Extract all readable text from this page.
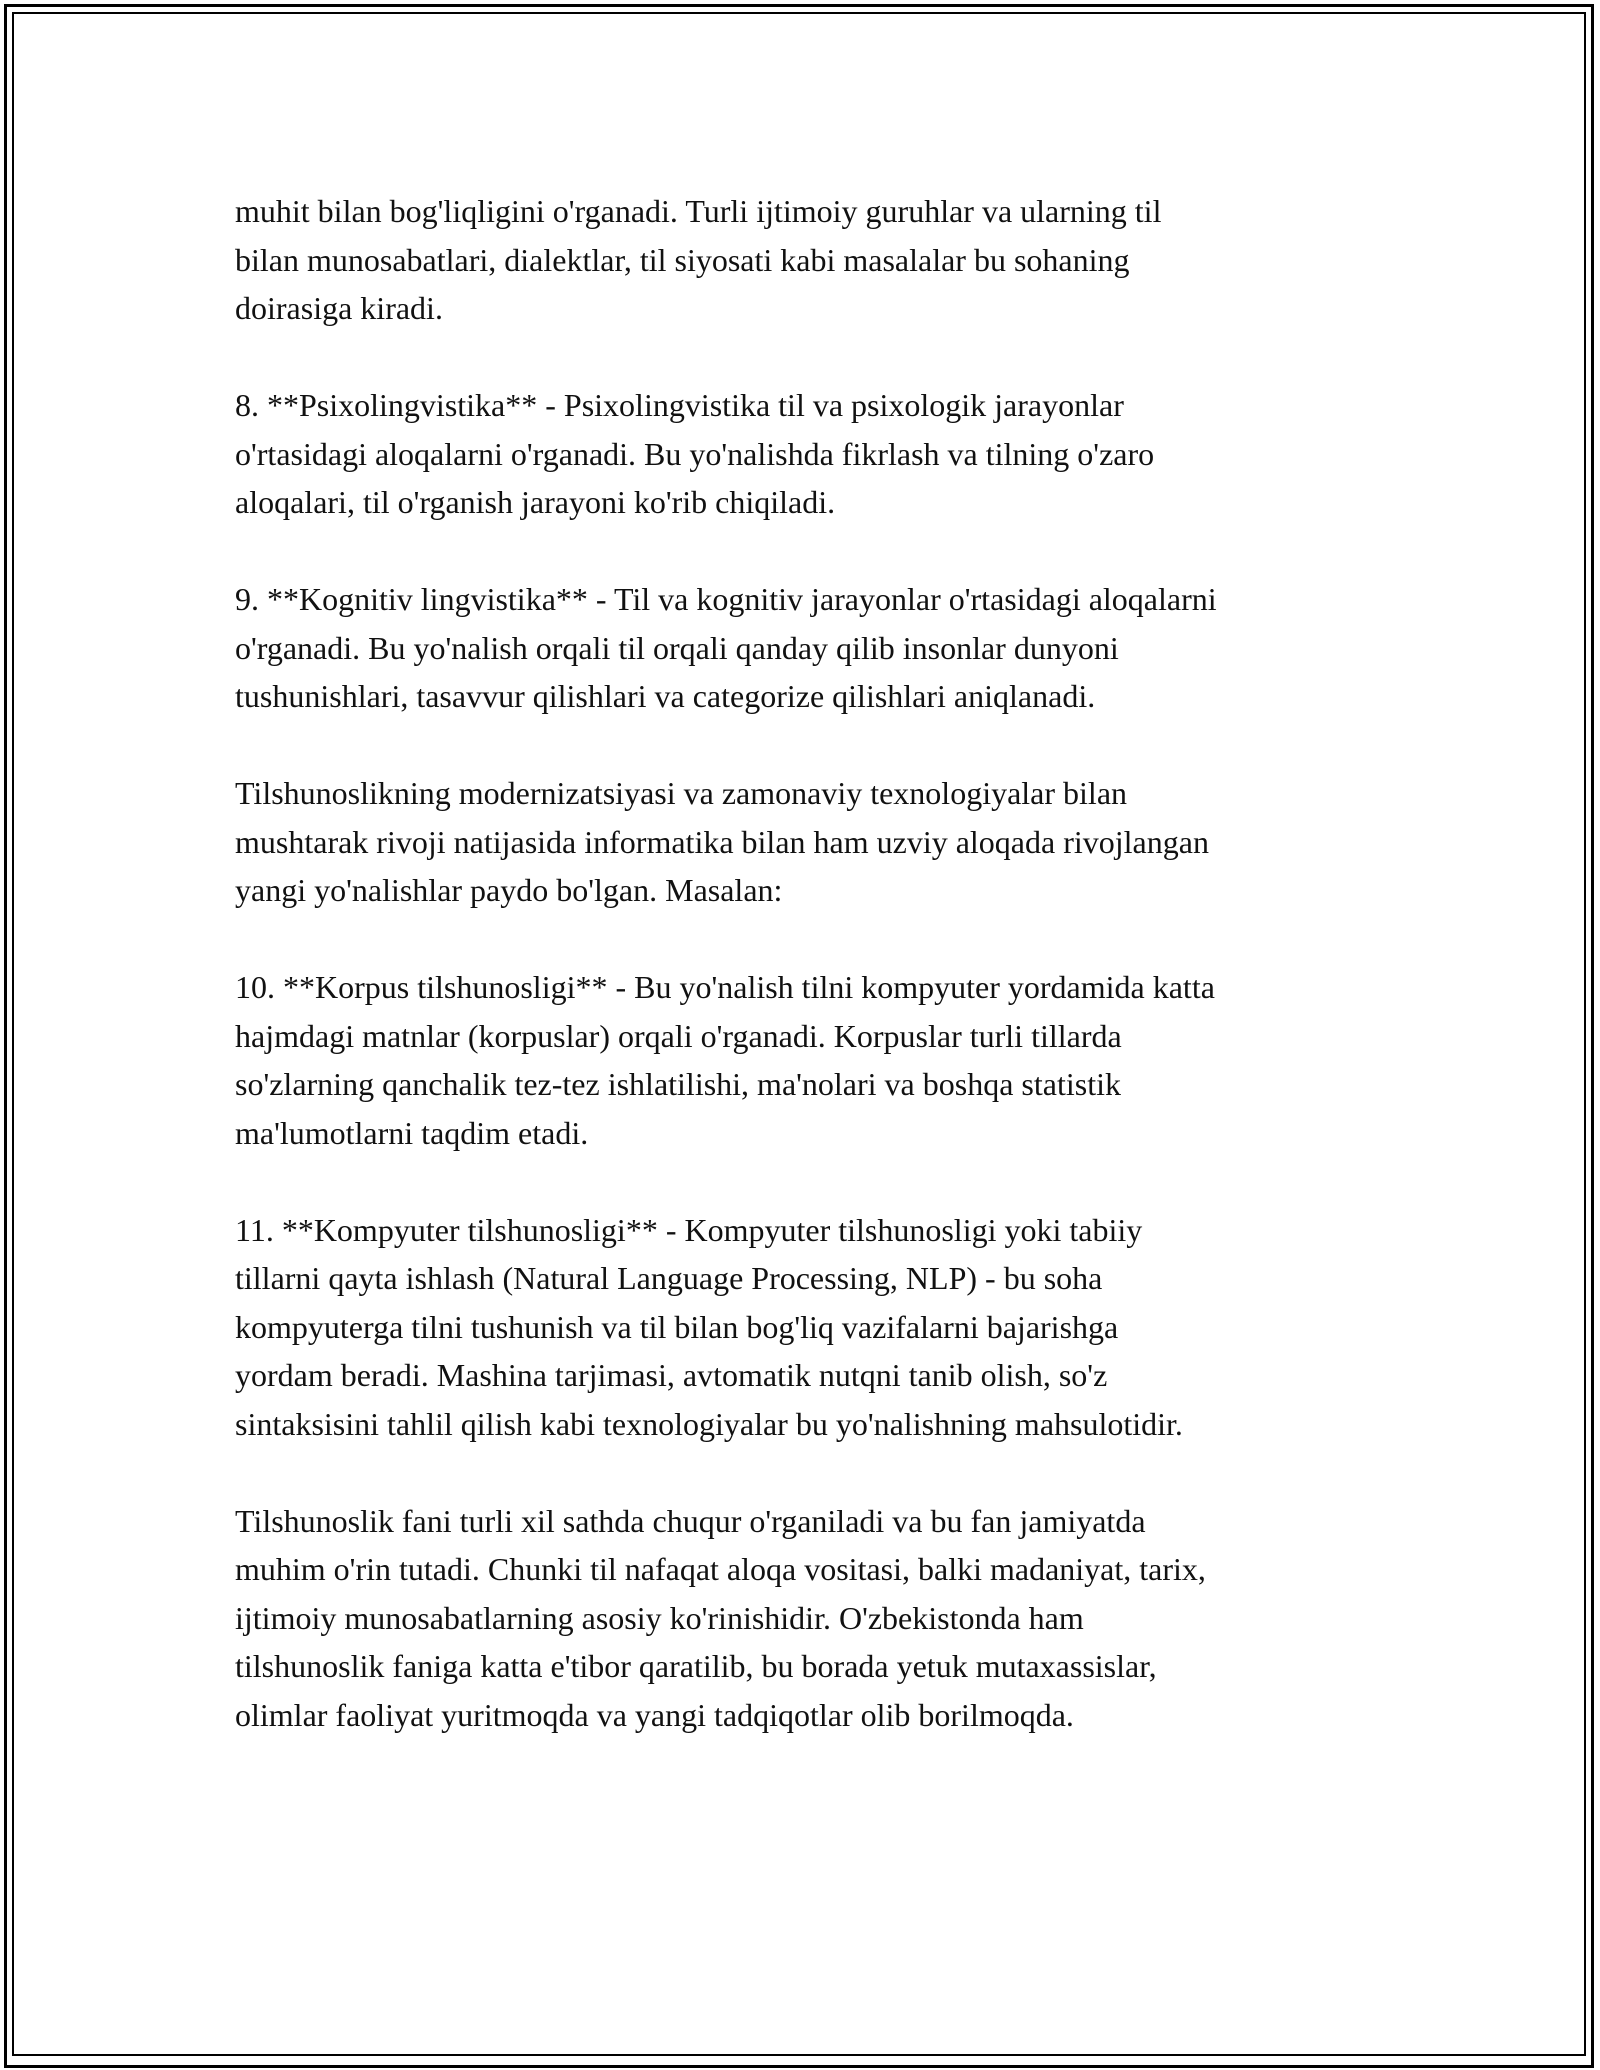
muhit bilan bog'liqligini o'rganadi. Turli ijtimoiy guruhlar va ularning til
bilan munosabatlari, dialektlar, til siyosati kabi masalalar bu sohaning
doirasiga kiradi.

8. **Psixolingvistika** - Psixolingvistika til va psixologik jarayonlar
o'rtasidagi aloqalarni o'rganadi. Bu yo'nalishda fikrlash va tilning o'zaro
aloqalari, til o'rganish jarayoni ko'rib chiqiladi.

9. **Kognitiv lingvistika** - Til va kognitiv jarayonlar o'rtasidagi aloqalarni
o'rganadi. Bu yo'nalish orqali til orqali qanday qilib insonlar dunyoni
tushunishlari, tasavvur qilishlari va categorize qilishlari aniqlanadi.

Tilshunoslikning modernizatsiyasi va zamonaviy texnologiyalar bilan
mushtarak rivoji natijasida informatika bilan ham uzviy aloqada rivojlangan
yangi yo'nalishlar paydo bo'lgan. Masalan:

10. **Korpus tilshunosligi** - Bu yo'nalish tilni kompyuter yordamida katta
hajmdagi matnlar (korpuslar) orqali o'rganadi. Korpuslar turli tillarda
so'zlarning qanchalik tez-tez ishlatilishi, ma'nolari va boshqa statistik
ma'lumotlarni taqdim etadi.

11. **Kompyuter tilshunosligi** - Kompyuter tilshunosligi yoki tabiiy
tillarni qayta ishlash (Natural Language Processing, NLP) - bu soha
kompyuterga tilni tushunish va til bilan bog'liq vazifalarni bajarishga
yordam beradi. Mashina tarjimasi, avtomatik nutqni tanib olish, so'z
sintaksisini tahlil qilish kabi texnologiyalar bu yo'nalishning mahsulotidir.

Tilshunoslik fani turli xil sathda chuqur o'rganiladi va bu fan jamiyatda
muhim o'rin tutadi. Chunki til nafaqat aloqa vositasi, balki madaniyat, tarix,
ijtimoiy munosabatlarning asosiy ko'rinishidir. O'zbekistonda ham
tilshunoslik faniga katta e'tibor qaratilib, bu borada yetuk mutaxassislar,
olimlar faoliyat yuritmoqda va yangi tadqiqotlar olib borilmoqda.
